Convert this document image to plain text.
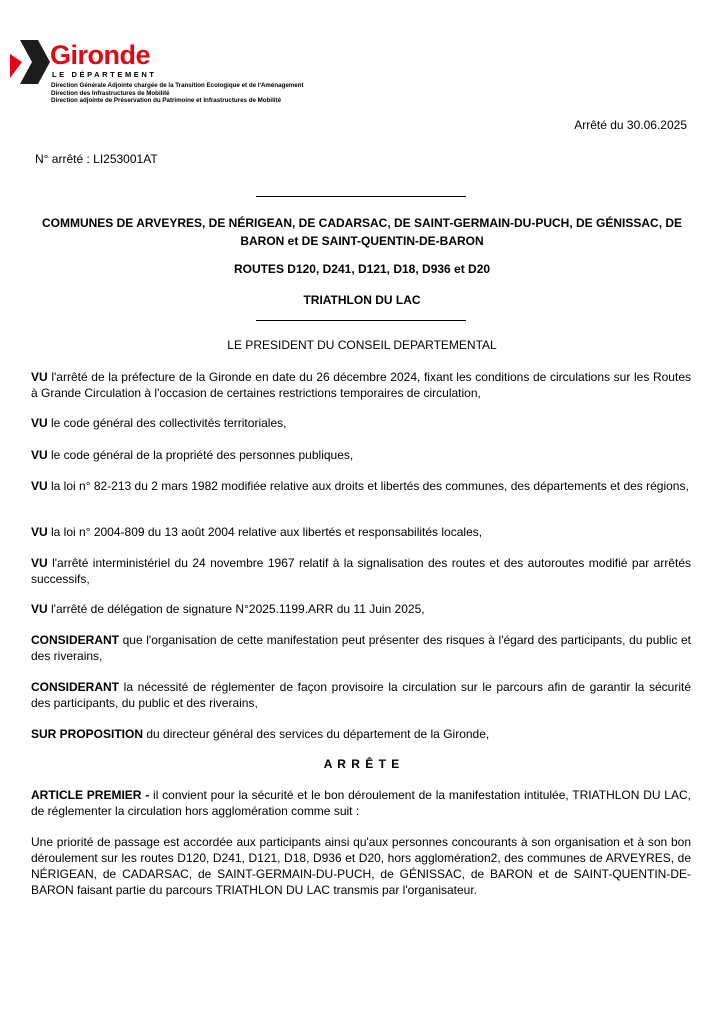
Gironde
LE DÉPARTEMENT
Direction Générale Adjointe chargée de la Transition Ecologique et de l'Aménagement
Direction des Infrastructures de Mobilité
Direction adjointe de Préservation du Patrimoine et Infrastructures de Mobilité
Arrêté du 30.06.2025
N° arrêté : LI253001AT
COMMUNES DE ARVEYRES, DE NÉRIGEAN, DE CADARSAC, DE SAINT-GERMAIN-DU-PUCH, DE GÉNISSAC, DE BARON et DE SAINT-QUENTIN-DE-BARON
ROUTES D120, D241, D121, D18, D936 et D20
TRIATHLON DU LAC
LE PRESIDENT DU CONSEIL DEPARTEMENTAL
VU l'arrêté de la préfecture de la Gironde en date du 26 décembre 2024, fixant les conditions de circulations sur les Routes à Grande Circulation à l'occasion de certaines restrictions temporaires de circulation,
VU le code général des collectivités territoriales,
VU le code général de la propriété des personnes publiques,
VU la loi n° 82-213 du 2 mars 1982 modifiée relative aux droits et libertés des communes, des départements et des régions,
VU la loi n° 2004-809 du 13 août 2004 relative aux libertés et responsabilités locales,
VU l'arrêté interministériel du 24 novembre 1967 relatif à la signalisation des routes et des autoroutes modifié par arrêtés successifs,
VU l'arrêté de délégation de signature N°2025.1199.ARR du 11 Juin 2025,
CONSIDERANT que l'organisation de cette manifestation peut présenter des risques à l'égard des participants, du public et des riverains,
CONSIDERANT la nécessité de réglementer de façon provisoire la circulation sur le parcours afin de garantir la sécurité des participants, du public et des riverains,
SUR PROPOSITION du directeur général des services du département de la Gironde,
A R R Ê T E
ARTICLE PREMIER - il convient pour la sécurité et le bon déroulement de la manifestation intitulée, TRIATHLON DU LAC, de réglementer la circulation hors agglomération comme suit :
Une priorité de passage est accordée aux participants ainsi qu'aux personnes concourants à son organisation et à son bon déroulement sur les routes D120, D241, D121, D18, D936 et D20, hors agglomération2, des communes de ARVEYRES, de NÉRIGEAN, de CADARSAC, de SAINT-GERMAIN-DU-PUCH, de GÉNISSAC, de BARON et de SAINT-QUENTIN-DE-BARON faisant partie du parcours TRIATHLON DU LAC transmis par l'organisateur.
